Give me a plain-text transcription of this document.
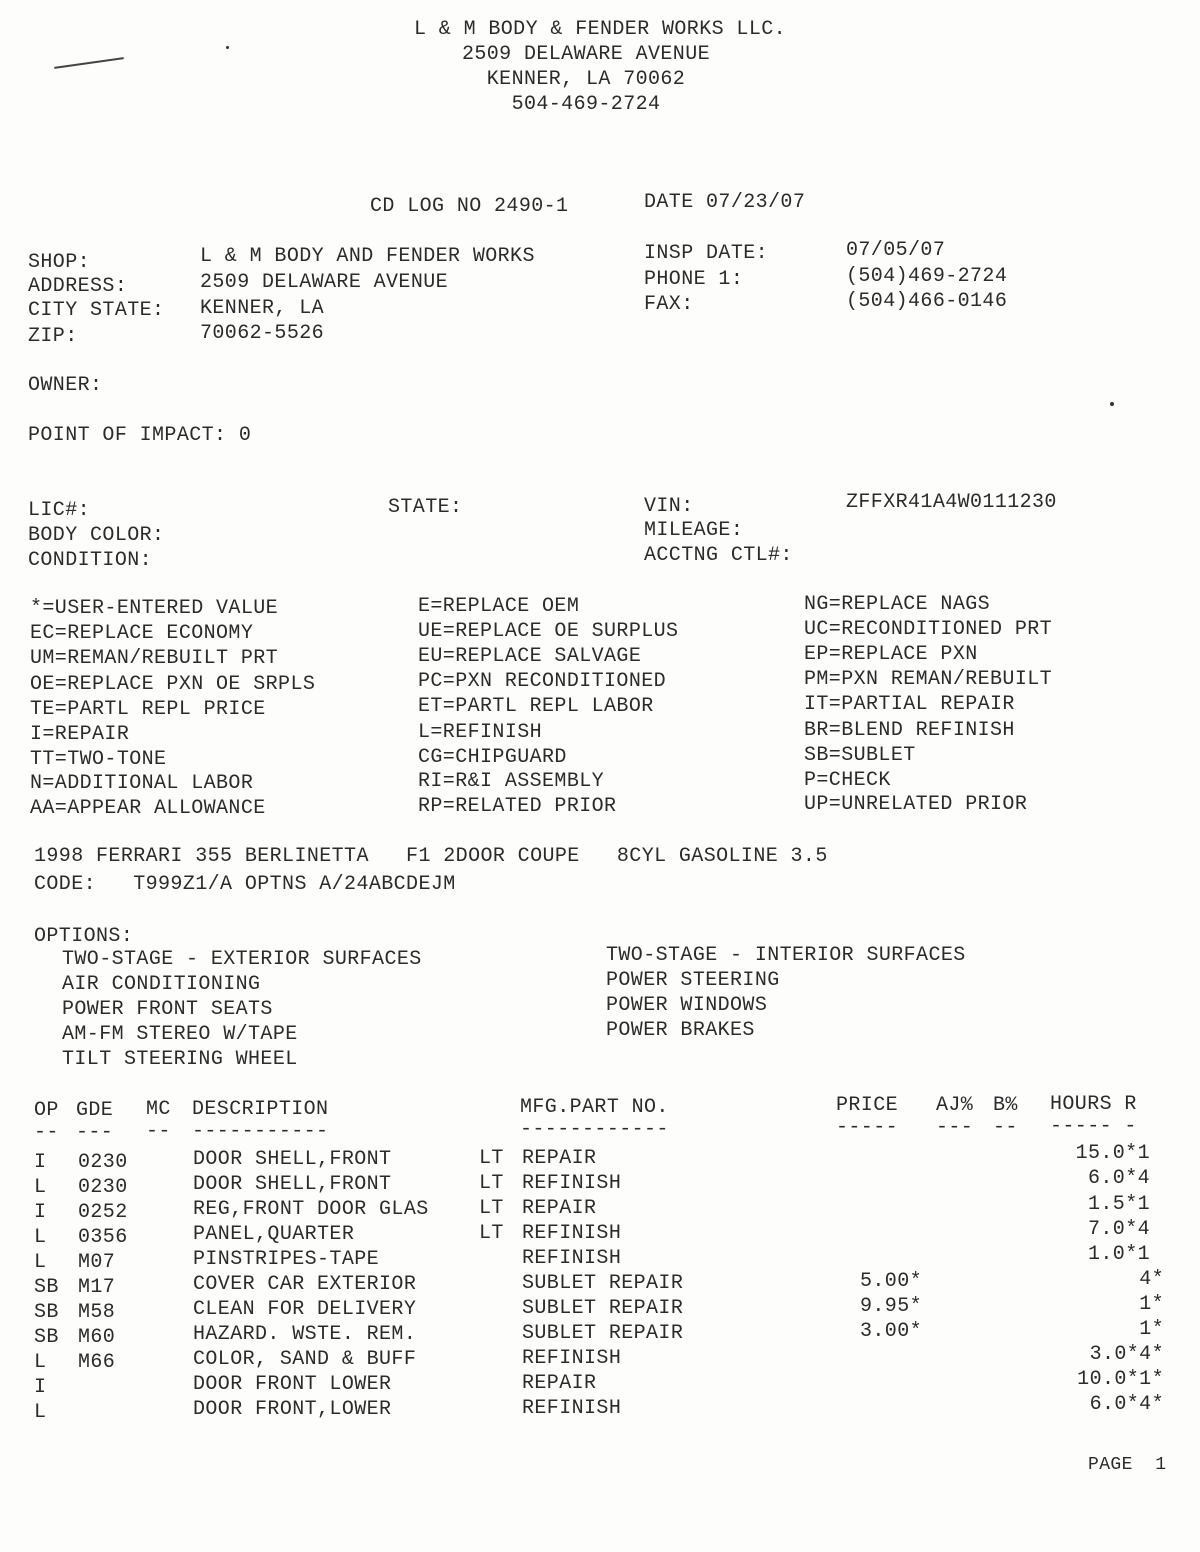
L & M BODY & FENDER WORKS LLC.
2509 DELAWARE AVENUE
KENNER, LA 70062
504-469-2724
CD LOG NO 2490-1	DATE 07/23/07
SHOP:	L & M BODY AND FENDER WORKS
ADDRESS:	2509 DELAWARE AVENUE
CITY STATE: KENNER, LA
ZIP:	70062-5526
INSP DATE:	07/05/07
PHONE 1:	(504)469-2724
FAX:	(504)466-0146
OWNER:
POINT OF IMPACT: 0
LIC#:	STATE:	VIN:	ZFFXR41A4W0111230
BODY COLOR:	MILEAGE:
CONDITION:	ACCTNG CTL#:
*=USER-ENTERED VALUE
EC=REPLACE ECONOMY
UM=REMAN/REBUILT PRT
OE=REPLACE PXN OE SRPLS
TE=PARTL REPL PRICE
I=REPAIR
TT=TWO-TONE
N=ADDITIONAL LABOR
AA=APPEAR ALLOWANCE
E=REPLACE OEM
UE=REPLACE OE SURPLUS
EU=REPLACE SALVAGE
PC=PXN RECONDITIONED
ET=PARTL REPL LABOR
L=REFINISH
CG=CHIPGUARD
RI=R&I ASSEMBLY
RP=RELATED PRIOR
NG=REPLACE NAGS
UC=RECONDITIONED PRT
EP=REPLACE PXN
PM=PXN REMAN/REBUILT
IT=PARTIAL REPAIR
BR=BLEND REFINISH
SB=SUBLET
P=CHECK
UP=UNRELATED PRIOR
1998 FERRARI 355 BERLINETTA   F1 2DOOR COUPE   8CYL GASOLINE 3.5
CODE:   T999Z1/A OPTNS A/24ABCDEJM
OPTIONS:
TWO-STAGE - EXTERIOR SURFACES
AIR CONDITIONING
POWER FRONT SEATS
AM-FM STEREO W/TAPE
TILT STEERING WHEEL
TWO-STAGE - INTERIOR SURFACES
POWER STEERING
POWER WINDOWS
POWER BRAKES
OP GDE MC DESCRIPTION	MFG.PART NO.	PRICE AJ% B% HOURS R
-- --- -- -----------	------------	----- --- -- ----- -
I 0230	DOOR SHELL,FRONT	LT REPAIR	15.0*1
L 0230	DOOR SHELL,FRONT	LT REFINISH	6.0*4
I 0252	REG,FRONT DOOR GLAS	LT REPAIR	1.5*1
L 0356	PANEL,QUARTER	LT REFINISH	7.0*4
L M07	PINSTRIPES-TAPE	REFINISH	1.0*1
SB M17	COVER CAR EXTERIOR	SUBLET REPAIR	5.00*	4*
SB M58	CLEAN FOR DELIVERY	SUBLET REPAIR	9.95*	1*
SB M60	HAZARD. WSTE. REM.	SUBLET REPAIR	3.00*	1*
L M66	COLOR, SAND & BUFF	REFINISH	3.0*4*
I	DOOR FRONT LOWER	REPAIR	10.0*1*
L	DOOR FRONT,LOWER	REFINISH	6.0*4*
PAGE  1
